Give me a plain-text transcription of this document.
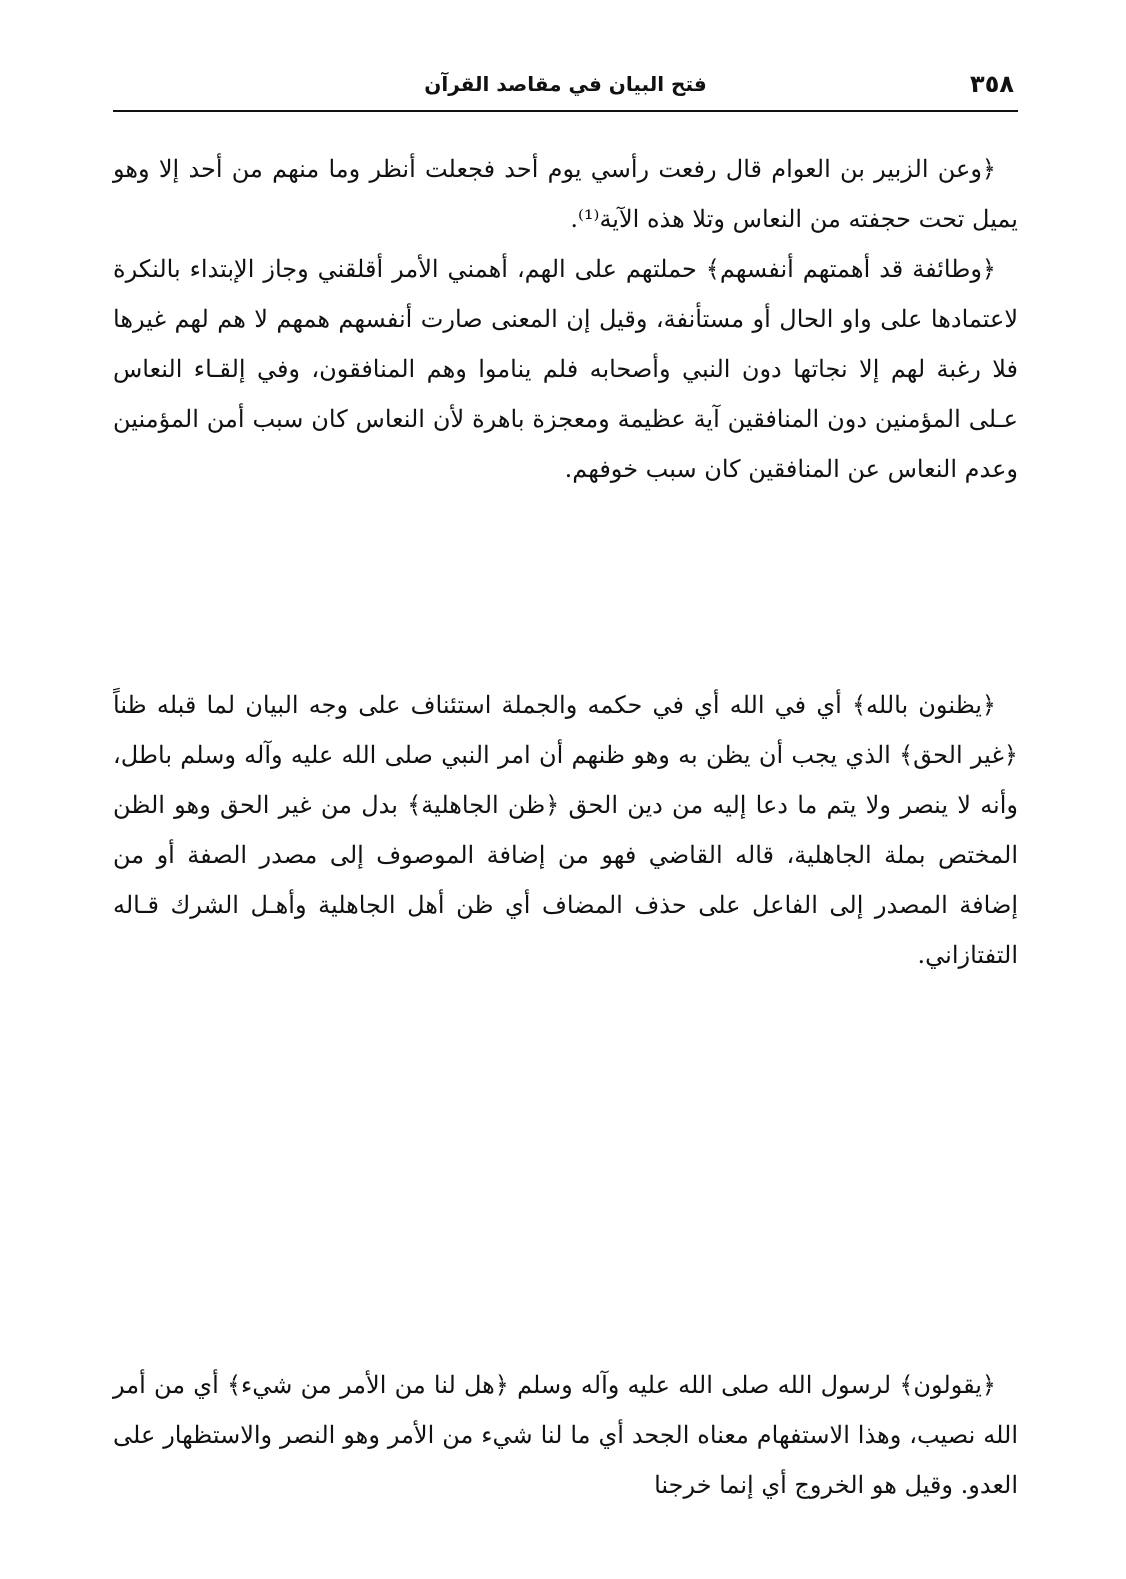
٣٥٨
فتح البيان في مقاصد القرآن

﴿وعن الزبير بن العوام قال رفعت رأسي يوم أحد فجعلت أنظر وما منهم من أحد إلا وهو يميل تحت حجفته من النعاس وتلا هذه الآية⁽¹⁾.

﴿وطائفة قد أهمتهم أنفسهم﴾ حملتهم على الهم، أهمني الأمر أقلقني وجاز الإبتداء بالنكرة لاعتمادها على واو الحال أو مستأنفة، وقيل إن المعنى صارت أنفسهم همهم لا هم لهم غيرها فلا رغبة لهم إلا نجاتها دون النبي وأصحابه فلم يناموا وهم المنافقون، وفي إلقـاء النعاس عـلى المؤمنين دون المنافقين آية عظيمة ومعجزة باهرة لأن النعاس كان سبب أمن المؤمنين وعدم النعاس عن المنافقين كان سبب خوفهم.

﴿يظنون بالله﴾ أي في الله أي في حكمه والجملة استئناف على وجه البيان لما قبله ظناً ﴿غير الحق﴾ الذي يجب أن يظن به وهو ظنهم أن امر النبي صلى الله عليه وآله وسلم باطل، وأنه لا ينصر ولا يتم ما دعا إليه من دين الحق ﴿ظن الجاهلية﴾ بدل من غير الحق وهو الظن المختص بملة الجاهلية، قاله القاضي فهو من إضافة الموصوف إلى مصدر الصفة أو من إضافة المصدر إلى الفاعل على حذف المضاف أي ظن أهل الجاهلية وأهـل الشرك قـاله التفتازاني.

﴿يقولون﴾ لرسول الله صلى الله عليه وآله وسلم ﴿هل لنا من الأمر من شيء﴾ أي من أمر الله نصيب، وهذا الاستفهام معناه الجحد أي ما لنا شيء من الأمر وهو النصر والاستظهار على العدو. وقيل هو الخروج أي إنما خرجنا
